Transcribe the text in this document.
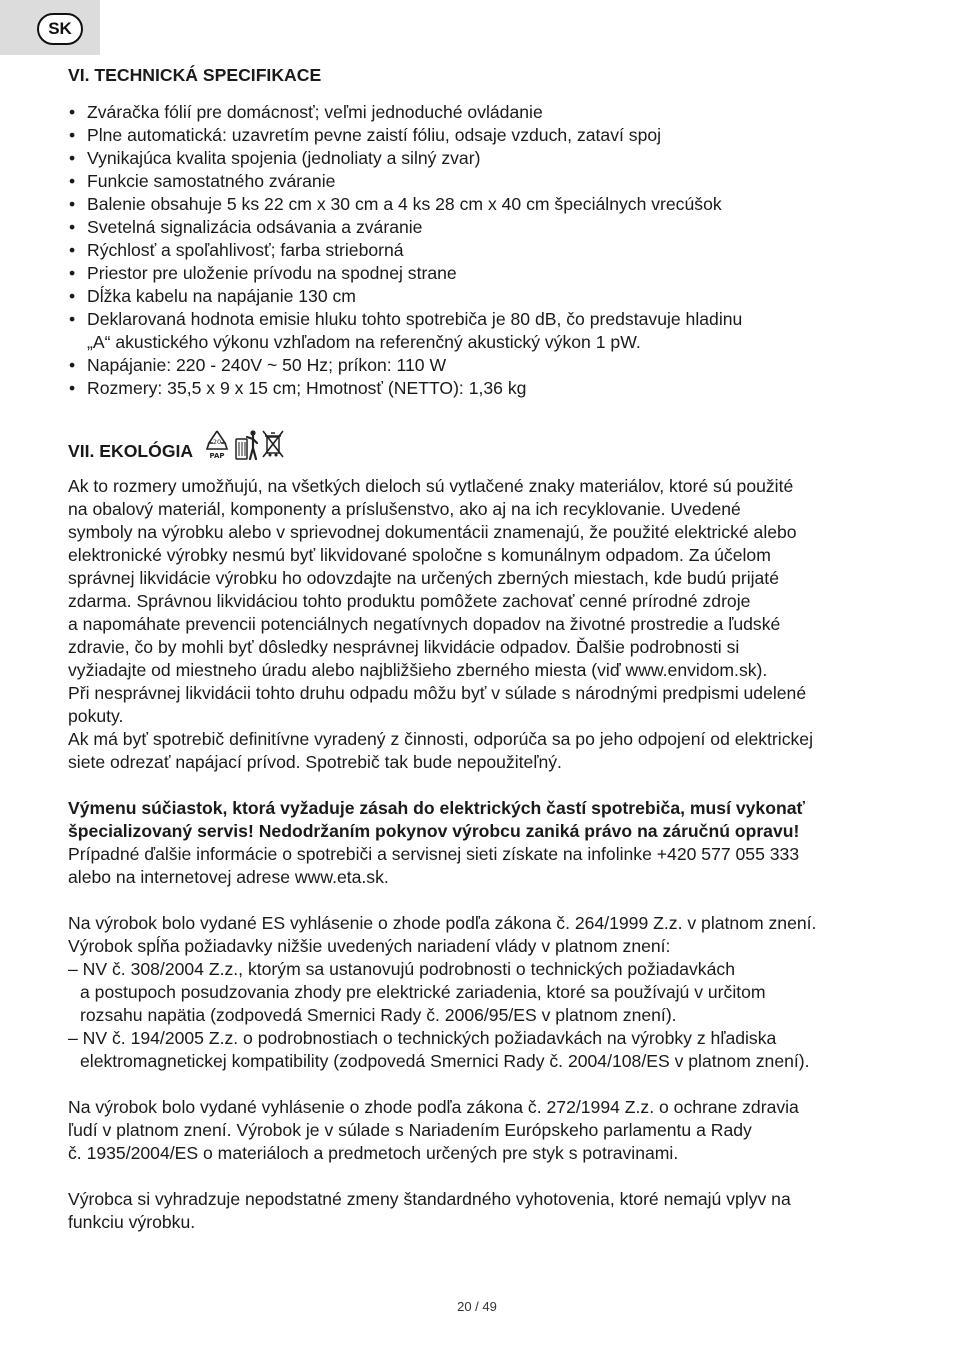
SK
VI. TECHNICKÁ SPECIFIKACE
• Zváračka fólií pre domácnosť; veľmi jednoduché ovládanie
• Plne automatická: uzavretím pevne zaistí fóliu, odsaje vzduch, zataví spoj
• Vynikajúca kvalita spojenia (jednoliaty a silný zvar)
• Funkcie samostatného zváranie
• Balenie obsahuje 5 ks 22 cm x 30 cm a 4 ks 28 cm x 40 cm špeciálnych vrecúšok
• Svetelná signalizácia odsávania a zváranie
• Rýchlosť a spoľahlivosť; farba strieborná
• Priestor pre uloženie prívodu na spodnej strane
• Dĺžka kabelu na napájanie 130 cm
• Deklarovaná hodnota emisie hluku tohto spotrebiča je 80 dB, čo predstavuje hladinu
„A“ akustického výkonu vzhľadom na referenčný akustický výkon 1 pW.
• Napájanie: 220 - 240V ~ 50 Hz; príkon: 110 W
• Rozmery: 35,5 x 9 x 15 cm; Hmotnosť (NETTO): 1,36 kg
VII. EKOLÓGIA	20
PAP

Ak to rozmery umožňujú, na všetkých dieloch sú vytlačené znaky materiálov, ktoré sú použité
na obalový materiál, komponenty a príslušenstvo, ako aj na ich recyklovanie. Uvedené
symboly na výrobku alebo v sprievodnej dokumentácii znamenajú, že použité elektrické alebo
elektronické výrobky nesmú byť likvidované spoločne s komunálnym odpadom. Za účelom
správnej likvidácie výrobku ho odovzdajte na určených zberných miestach, kde budú prijaté
zdarma. Správnou likvidáciou tohto produktu pomôžete zachovať cenné prírodné zdroje
a napomáhate prevencii potenciálnych negatívnych dopadov na životné prostredie a ľudské
zdravie, čo by mohli byť dôsledky nesprávnej likvidácie odpadov. Ďalšie podrobnosti si
vyžiadajte od miestneho úradu alebo najbližšieho zberného miesta (viď www.envidom.sk).
Při nesprávnej likvidácii tohto druhu odpadu môžu byť v súlade s národnými predpismi udelené
pokuty.
Ak má byť spotrebič definitívne vyradený z činnosti, odporúča sa po jeho odpojení od elektrickej
siete odrezať napájací prívod. Spotrebič tak bude nepoužiteľný.

Výmenu súčiastok, ktorá vyžaduje zásah do elektrických častí spotrebiča, musí vykonať
špecializovaný servis! Nedodržaním pokynov výrobcu zaniká právo na záručnú opravu!
Prípadné ďalšie informácie o spotrebiči a servisnej sieti získate na infolinke +420 577 055 333
alebo na internetovej adrese www.eta.sk.

Na výrobok bolo vydané ES vyhlásenie o zhode podľa zákona č. 264/1999 Z.z. v platnom znení.
Výrobok spĺňa požiadavky nižšie uvedených nariadení vlády v platnom znení:

– NV č. 308/2004 Z.z., ktorým sa ustanovujú podrobnosti o technických požiadavkách
a postupoch posudzovania zhody pre elektrické zariadenia, ktoré sa používajú v určitom
rozsahu napätia (zodpovedá Smernici Rady č. 2006/95/ES v platnom znení).
– NV č. 194/2005 Z.z. o podrobnostiach o technických požiadavkách na výrobky z hľadiska
elektromagnetickej kompatibility (zodpovedá Smernici Rady č. 2004/108/ES v platnom znení).

Na výrobok bolo vydané vyhlásenie o zhode podľa zákona č. 272/1994 Z.z. o ochrane zdravia
ľudí v platnom znení. Výrobok je v súlade s Nariadením Európskeho parlamentu a Rady
č. 1935/2004/ES o materiáloch a predmetoch určených pre styk s potravinami.

Výrobca si vyhradzuje nepodstatné zmeny štandardného vyhotovenia, ktoré nemajú vplyv na
funkciu výrobku.

20 / 49
